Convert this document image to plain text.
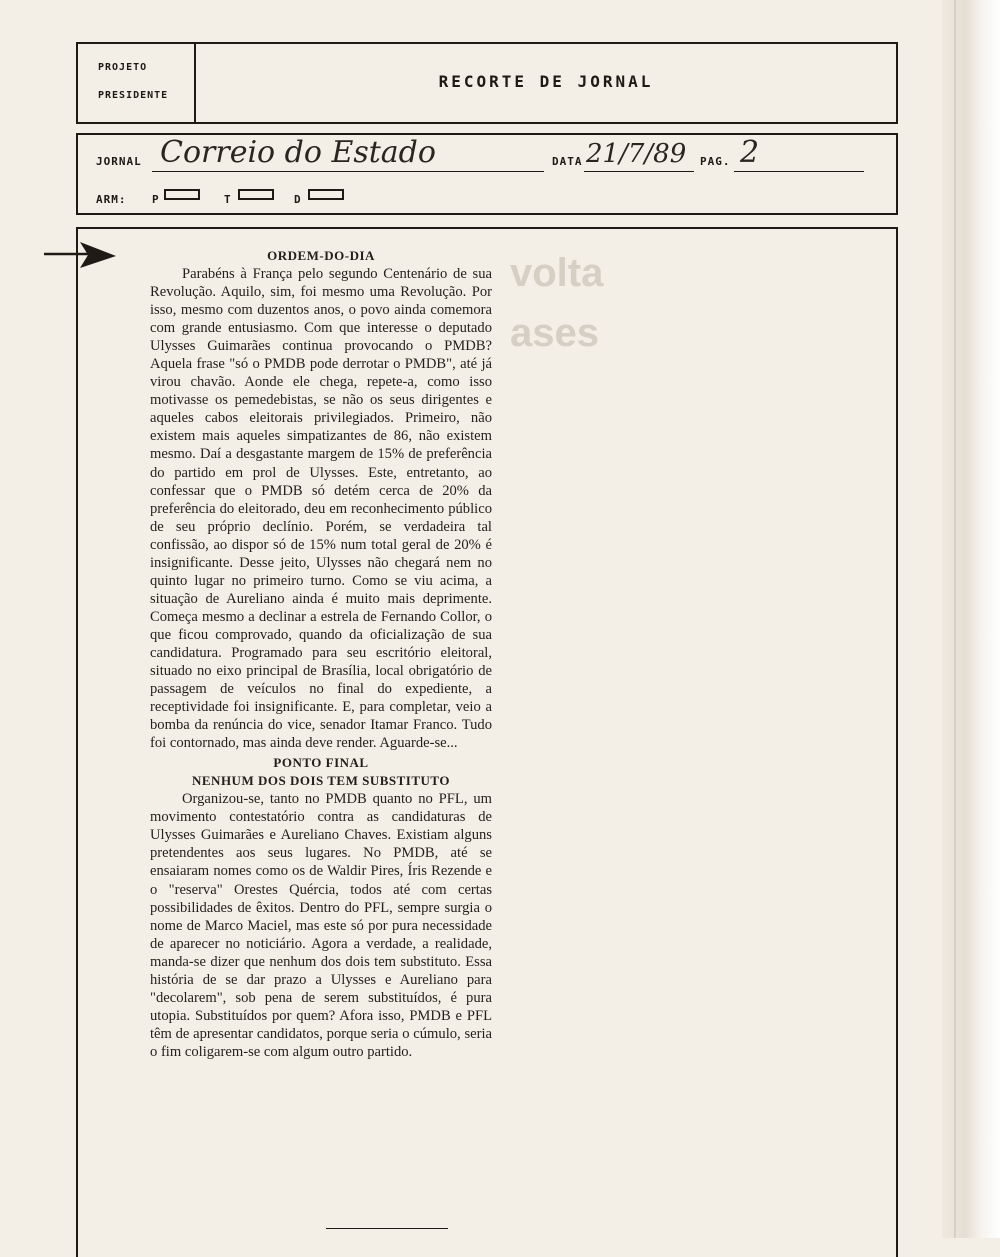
PROJETO
PRESIDENTE
RECORTE DE JORNAL
JORNAL Correio do Estado	DATA 21/7/89 PAG. 2
ARM: P	T	D
volta
ases
ORDEM-DO-DIA

Parabéns à França pelo segundo Centenário de sua Revolução. Aquilo, sim, foi mesmo uma Revolução. Por isso, mesmo com duzentos anos, o povo ainda comemora com grande entusiasmo. Com que interesse o deputado Ulysses Guimarães continua provocando o PMDB? Aquela frase "só o PMDB pode derrotar o PMDB", até já virou chavão. Aonde ele chega, repete-a, como isso motivasse os pemedebistas, se não os seus dirigentes e aqueles cabos eleitorais privilegiados. Primeiro, não existem mais aqueles simpatizantes de 86, não existem mesmo. Daí a desgastante margem de 15% de preferência do partido em prol de Ulysses. Este, entretanto, ao confessar que o PMDB só detém cerca de 20% da preferência do eleitorado, deu em reconhecimento público de seu próprio declínio. Porém, se verdadeira tal confissão, ao dispor só de 15% num total geral de 20% é insignificante. Desse jeito, Ulysses não chegará nem no quinto lugar no primeiro turno. Como se viu acima, a situação de Aureliano ainda é muito mais deprimente. Começa mesmo a declinar a estrela de Fernando Collor, o que ficou comprovado, quando da oficialização de sua candidatura. Programado para seu escritório eleitoral, situado no eixo principal de Brasília, local obrigatório de passagem de veículos no final do expediente, a receptividade foi insignificante. E, para completar, veio a bomba da renúncia do vice, senador Itamar Franco. Tudo foi contornado, mas ainda deve render. Aguarde-se...

PONTO FINAL
NENHUM DOS DOIS TEM SUBSTITUTO

Organizou-se, tanto no PMDB quanto no PFL, um movimento contestatório contra as candidaturas de Ulysses Guimarães e Aureliano Chaves. Existiam alguns pretendentes aos seus lugares. No PMDB, até se ensaiaram nomes como os de Waldir Pires, Íris Rezende e o "reserva" Orestes Quércia, todos até com certas possibilidades de êxitos. Dentro do PFL, sempre surgia o nome de Marco Maciel, mas este só por pura necessidade de aparecer no noticiário. Agora a verdade, a realidade, manda-se dizer que nenhum dos dois tem substituto. Essa história de se dar prazo a Ulysses e Aureliano para "decolarem", sob pena de serem substituídos, é pura utopia. Substituídos por quem? Afora isso, PMDB e PFL têm de apresentar candidatos, porque seria o cúmulo, seria o fim coligarem-se com algum outro partido.
